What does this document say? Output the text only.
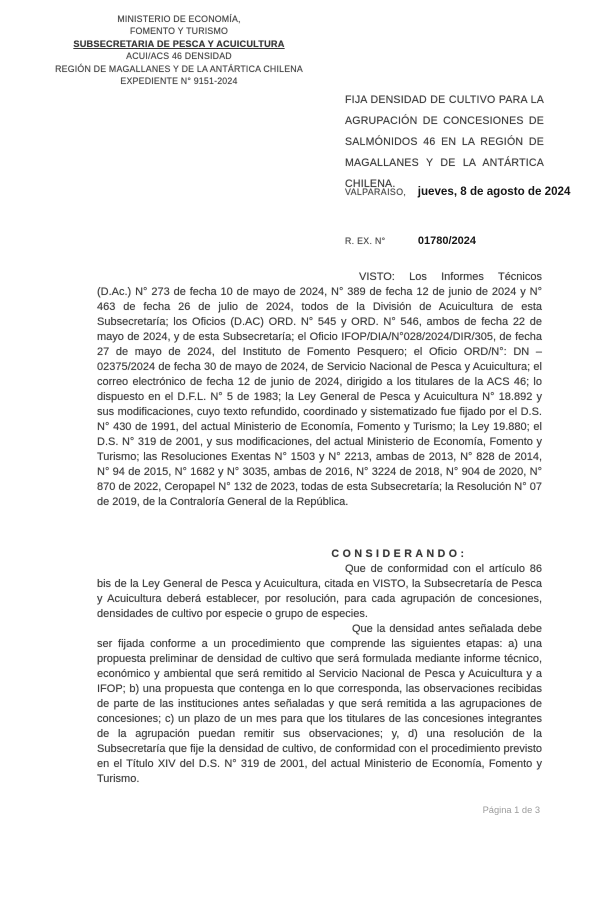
MINISTERIO DE ECONOMÍA,
FOMENTO Y TURISMO
SUBSECRETARIA DE PESCA Y ACUICULTURA
ACUI/ACS 46 DENSIDAD
REGIÓN DE MAGALLANES Y DE LA ANTÁRTICA CHILENA
EXPEDIENTE N° 9151-2024
FIJA DENSIDAD DE CULTIVO PARA LA AGRUPACIÓN DE CONCESIONES DE SALMÓNIDOS 46 EN LA REGIÓN DE MAGALLANES Y DE LA ANTÁRTICA CHILENA.
VALPARAISO, jueves, 8 de agosto de 2024
R. EX. N°	01780/2024

VISTO: Los Informes Técnicos (D.Ac.) N° 273 de fecha 10 de mayo de 2024, N° 389 de fecha 12 de junio de 2024 y N° 463 de fecha 26 de julio de 2024, todos de la División de Acuicultura de esta Subsecretaría; los Oficios (D.AC) ORD. N° 545 y ORD. N° 546, ambos de fecha 22 de mayo de 2024, y de esta Subsecretaría; el Oficio IFOP/DIA/N°028/2024/DIR/305, de fecha 27 de mayo de 2024, del Instituto de Fomento Pesquero; el Oficio ORD/N°: DN – 02375/2024 de fecha 30 de mayo de 2024, de Servicio Nacional de Pesca y Acuicultura; el correo electrónico de fecha 12 de junio de 2024, dirigido a los titulares de la ACS 46; lo dispuesto en el D.F.L. N° 5 de 1983; la Ley General de Pesca y Acuicultura N° 18.892 y sus modificaciones, cuyo texto refundido, coordinado y sistematizado fue fijado por el D.S. N° 430 de 1991, del actual Ministerio de Economía, Fomento y Turismo; la Ley 19.880; el D.S. N° 319 de 2001, y sus modificaciones, del actual Ministerio de Economía, Fomento y Turismo; las Resoluciones Exentas N° 1503 y N° 2213, ambas de 2013, N° 828 de 2014, N° 94 de 2015, N° 1682 y N° 3035, ambas de 2016, N° 3224 de 2018, N° 904 de 2020, N° 870 de 2022, Ceropapel N° 132 de 2023, todas de esta Subsecretaría; la Resolución N° 07 de 2019, de la Contraloría General de la República.

CONSIDERANDO:

Que de conformidad con el artículo 86 bis de la Ley General de Pesca y Acuicultura, citada en VISTO, la Subsecretaría de Pesca y Acuicultura deberá establecer, por resolución, para cada agrupación de concesiones, densidades de cultivo por especie o grupo de especies.

Que la densidad antes señalada debe ser fijada conforme a un procedimiento que comprende las siguientes etapas: a) una propuesta preliminar de densidad de cultivo que será formulada mediante informe técnico, económico y ambiental que será remitido al Servicio Nacional de Pesca y Acuicultura y a IFOP; b) una propuesta que contenga en lo que corresponda, las observaciones recibidas de parte de las instituciones antes señaladas y que será remitida a las agrupaciones de concesiones; c) un plazo de un mes para que los titulares de las concesiones integrantes de la agrupación puedan remitir sus observaciones; y, d) una resolución de la Subsecretaría que fije la densidad de cultivo, de conformidad con el procedimiento previsto en el Título XIV del D.S. N° 319 de 2001, del actual Ministerio de Economía, Fomento y Turismo.

Página 1 de 3
